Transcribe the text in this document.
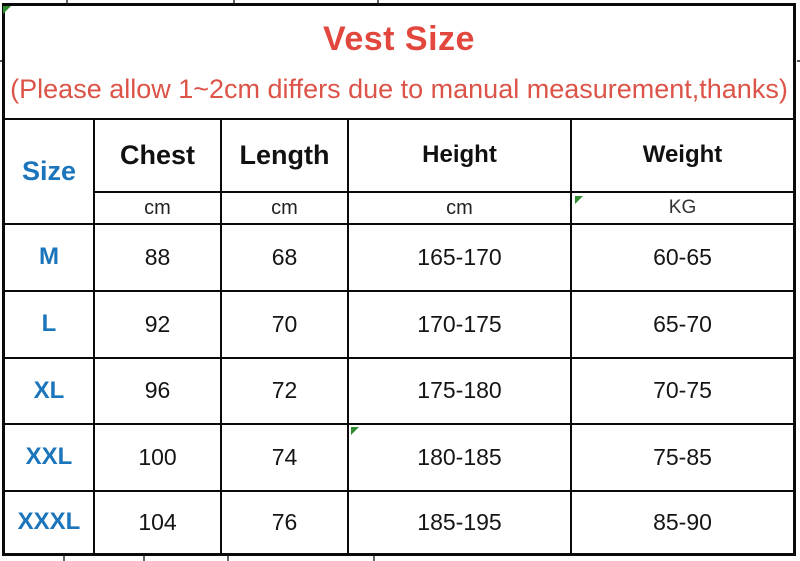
Vest Size
(Please allow 1~2cm differs due to manual measurement,thanks)
Size
Chest	Length	Height	Weight
cm	cm	cm	KG
M	88	68	165-170	60-65
L	92	70	170-175	65-70
XL	96	72	175-180	70-75
XXL	100	74	180-185	75-85
XXXL	104	76	185-195	85-90
